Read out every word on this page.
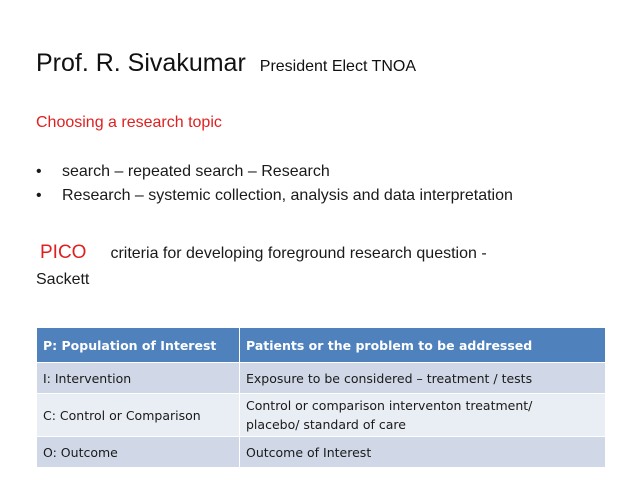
Prof. R. Sivakumar President Elect TNOA
Choosing a research topic
• search – repeated search – Research
• Research – systemic collection, analysis and data interpretation
PICO criteria for developing foreground research question -
Sackett
P: Population of Interest	Patients or the problem to be addressed
I: Intervention	Exposure to be considered – treatment / tests
C: Control or Comparison	Control or comparison interventon treatment/
placebo/ standard of care

O: Outcome	Outcome of Interest
